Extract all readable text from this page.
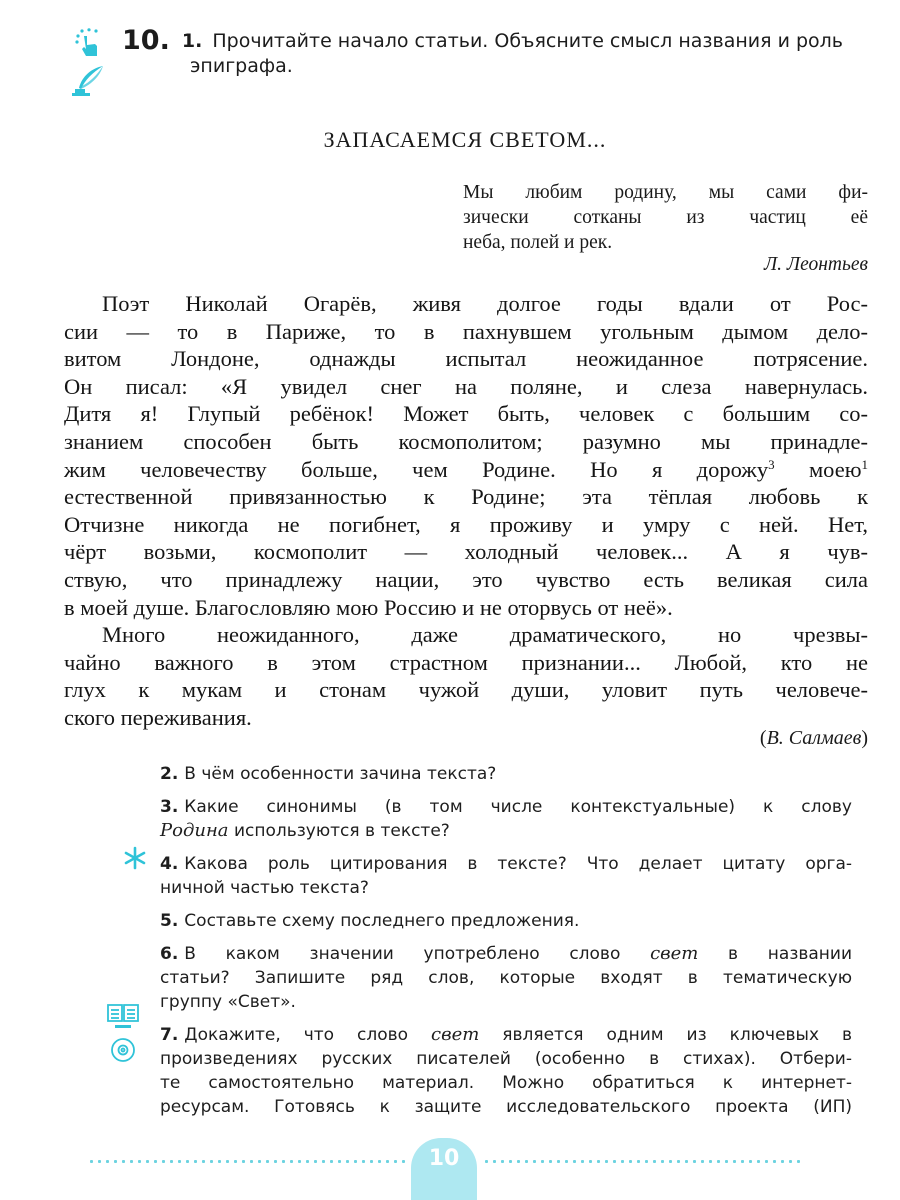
10. 1. Прочитайте начало статьи. Объясните смысл названия и роль
эпиграфа.
ЗАПАСАЕМСЯ СВЕТОМ...
Мы любим родину, мы сами фи-
зически сотканы из частиц её
неба, полей и рек.
Л. Леонтьев
Поэт Николай Огарёв, живя долгое годы вдали от Рос-
сии — то в Париже, то в пахнувшем угольным дымом дело-
витом Лондоне, однажды испытал неожиданное потрясение.
Он писал: «Я увидел снег на поляне, и слеза навернулась.
Дитя я! Глупый ребёнок! Может быть, человек с большим со-
знанием способен быть космополитом; разумно мы принадле-
жим человечеству больше, чем Родине. Но я дорожу$^3$ моею$^1$
естественной привязанностью к Родине; эта тёплая любовь к
Отчизне никогда не погибнет, я проживу и умру с ней. Нет,
чёрт возьми, космополит — холодный человек... А я чув-
ствую, что принадлежу нации, это чувство есть великая сила
в моей душе. Благословляю мою Россию и не оторвусь от неё».
Много неожиданного, даже драматического, но чрезвы-
чайно важного в этом страстном признании... Любой, кто не
глух к мукам и стонам чужой души, уловит путь человече-
ского переживания.
(В. Салмаев)
2. В чём особенности зачина текста?
3. Какие синонимы (в том числе контекстуальные) к слову
Родина используются в тексте?
4. Какова роль цитирования в тексте? Что делает цитату орга-
ничной частью текста?
5. Составьте схему последнего предложения.
6. В каком значении употреблено слово свет в названии
статьи? Запишите ряд слов, которые входят в тематическую
группу «Свет».
7. Докажите, что слово свет является одним из ключевых в
произведениях русских писателей (особенно в стихах). Отбери-
те самостоятельно материал. Можно обратиться к интернет-
ресурсам. Готовясь к защите исследовательского проекта (ИП)
10
